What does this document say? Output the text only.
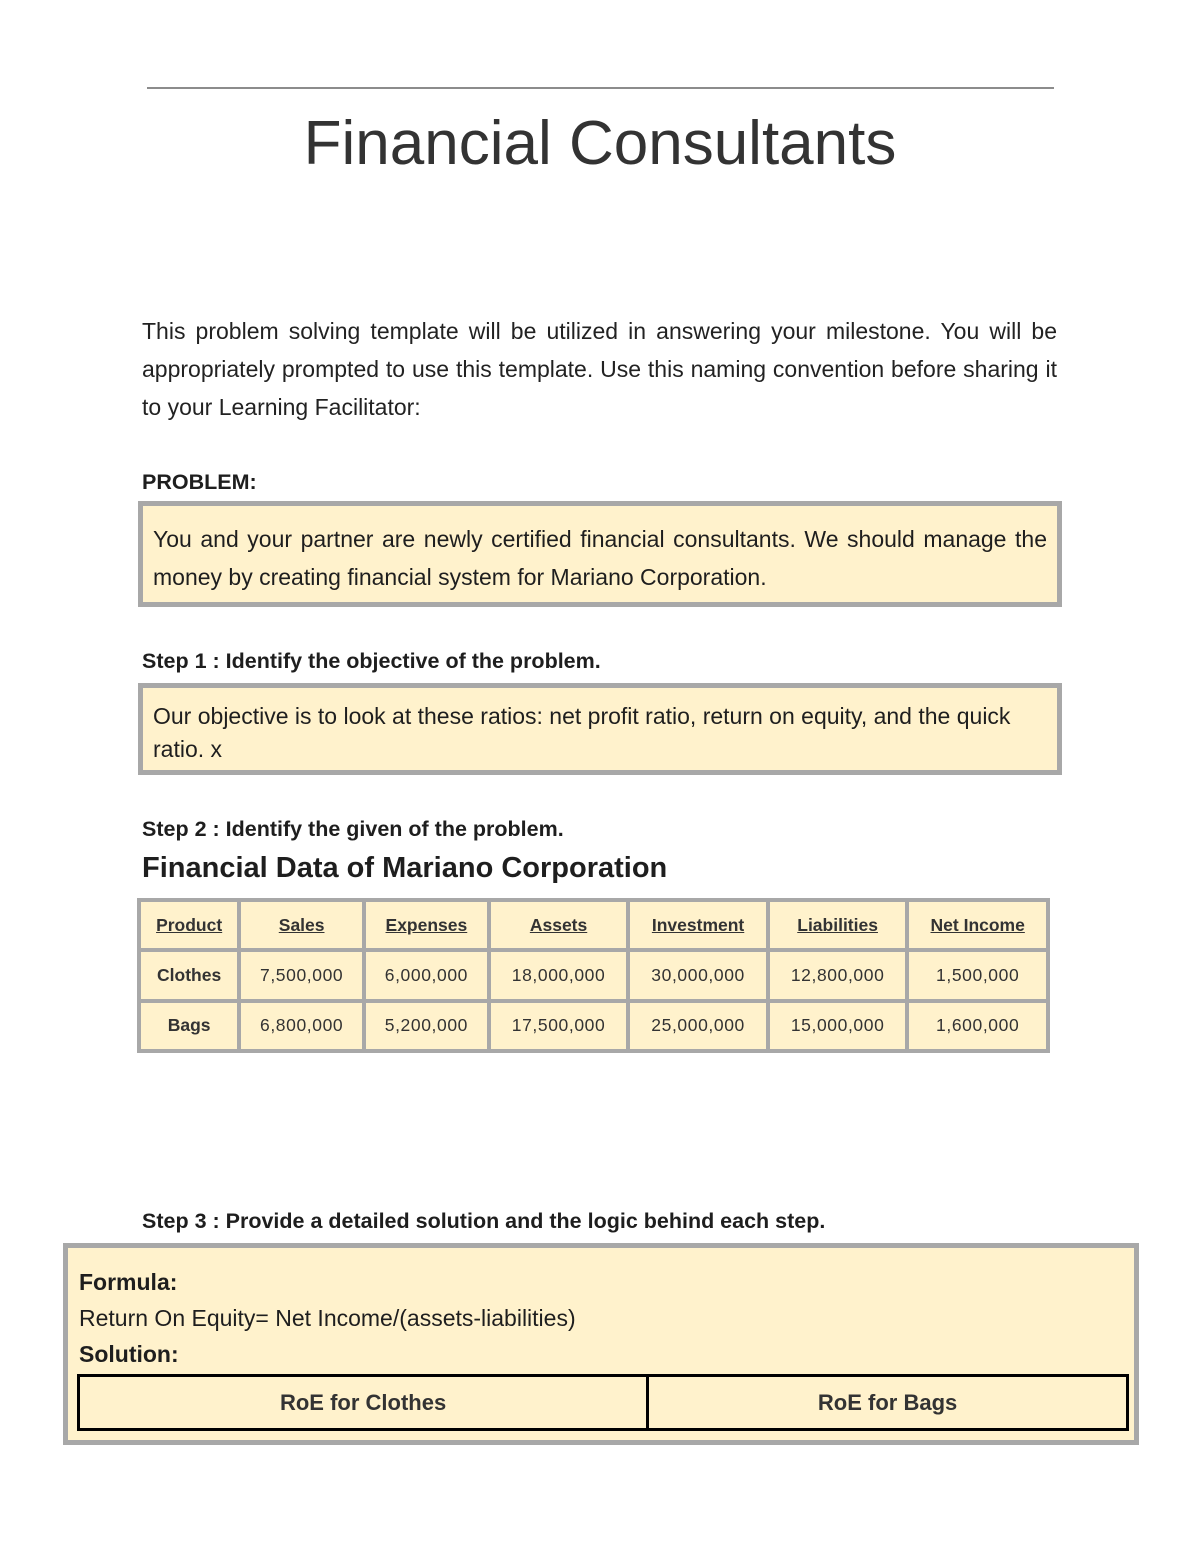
Financial Consultants

This problem solving template will be utilized in answering your milestone. You will be appropriately prompted to use this template. Use this naming convention before sharing it to your Learning Facilitator:

PROBLEM:

You and your partner are newly certified financial consultants. We should manage the money by creating financial system for Mariano Corporation.

Step 1 : Identify the objective of the problem.

Our objective is to look at these ratios: net profit ratio, return on equity, and the quick ratio. x

Step 2 : Identify the given of the problem.

Financial Data of Mariano Corporation

Product	Sales	Expenses	Assets	Investment	Liabilities	Net Income
Clothes	7,500,000	6,000,000	18,000,000	30,000,000	12,800,000	1,500,000
Bags	6,800,000	5,200,000	17,500,000	25,000,000	15,000,000	1,600,000

Step 3 : Provide a detailed solution and the logic behind each step.

Formula:

Return On Equity= Net Income/(assets-liabilities)

Solution:

RoE for Clothes	RoE for Bags
